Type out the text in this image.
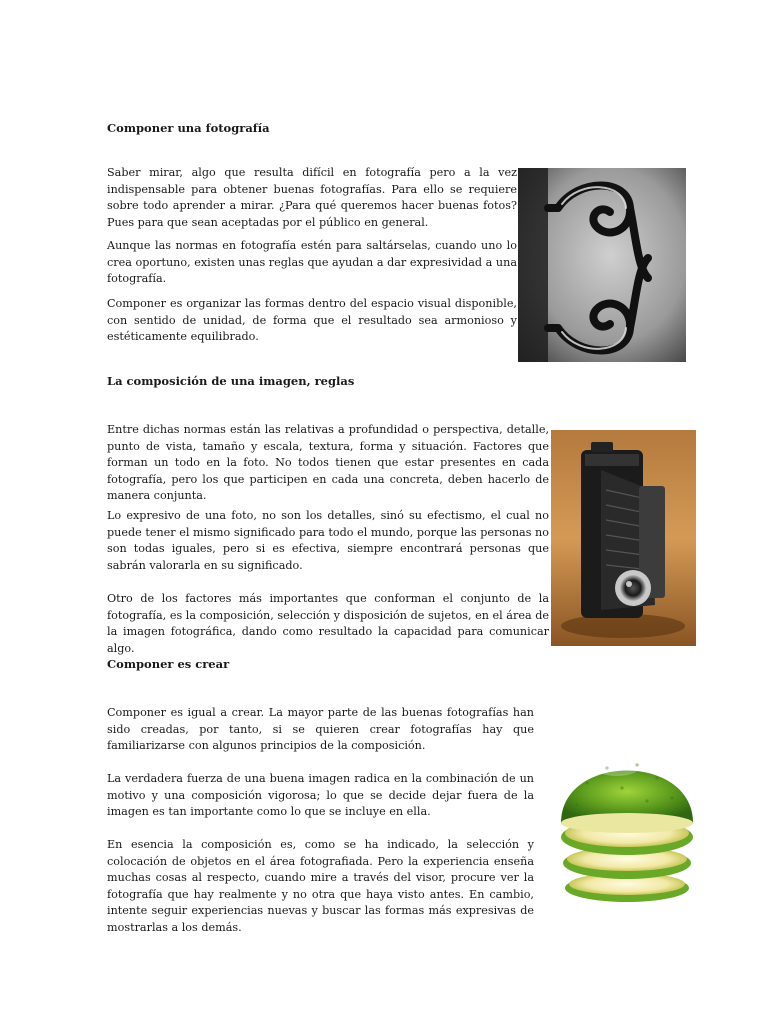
Componer una fotografía

Saber mirar, algo que resulta difícil en fotografía pero a la vez indispensable para obtener buenas fotografías. Para ello se requiere sobre todo aprender a mirar. ¿Para qué queremos hacer buenas fotos? Pues para que sean aceptadas por el público en general.

Aunque las normas en fotografía estén para saltárselas, cuando uno lo crea oportuno, existen unas reglas que ayudan a dar expresividad a una fotografía.

Componer es organizar las formas dentro del espacio visual disponible, con sentido de unidad, de forma que el resultado sea armonioso y estéticamente equilibrado.

La composición de una imagen, reglas

Entre dichas normas están las relativas a profundidad o perspectiva, detalle, punto de vista, tamaño y escala, textura, forma y situación. Factores que forman un todo en la foto. No todos tienen que estar presentes en cada fotografía, pero los que participen en cada una concreta, deben hacerlo de manera conjunta.

Lo expresivo de una foto, no son los detalles, sinó su efectismo, el cual no puede tener el mismo significado para todo el mundo, porque las personas no son todas iguales, pero si es efectiva, siempre encontrará personas que sabrán valorarla en su significado.

Otro de los factores más importantes que conforman el conjunto de la fotografía, es la composición, selección y disposición de sujetos, en el área de la imagen fotográfica, dando como resultado la capacidad para comunicar algo.

Componer es crear

Componer es igual a crear. La mayor parte de las buenas fotografías han sido creadas, por tanto, si se quieren crear fotografías hay que familiarizarse con algunos principios de la composición.

La verdadera fuerza de una buena imagen radica en la combinación de un motivo y una composición vigorosa; lo que se decide dejar fuera de la imagen es tan importante como lo que se incluye en ella.

En esencia la composición es, como se ha indicado, la selección y colocación de objetos en el área fotografiada. Pero la experiencia enseña muchas cosas al respecto, cuando mire a través del visor, procure ver la fotografía que hay realmente y no otra que haya visto antes. En cambio, intente seguir experiencias nuevas y buscar las formas más expresivas de mostrarlas a los demás.
